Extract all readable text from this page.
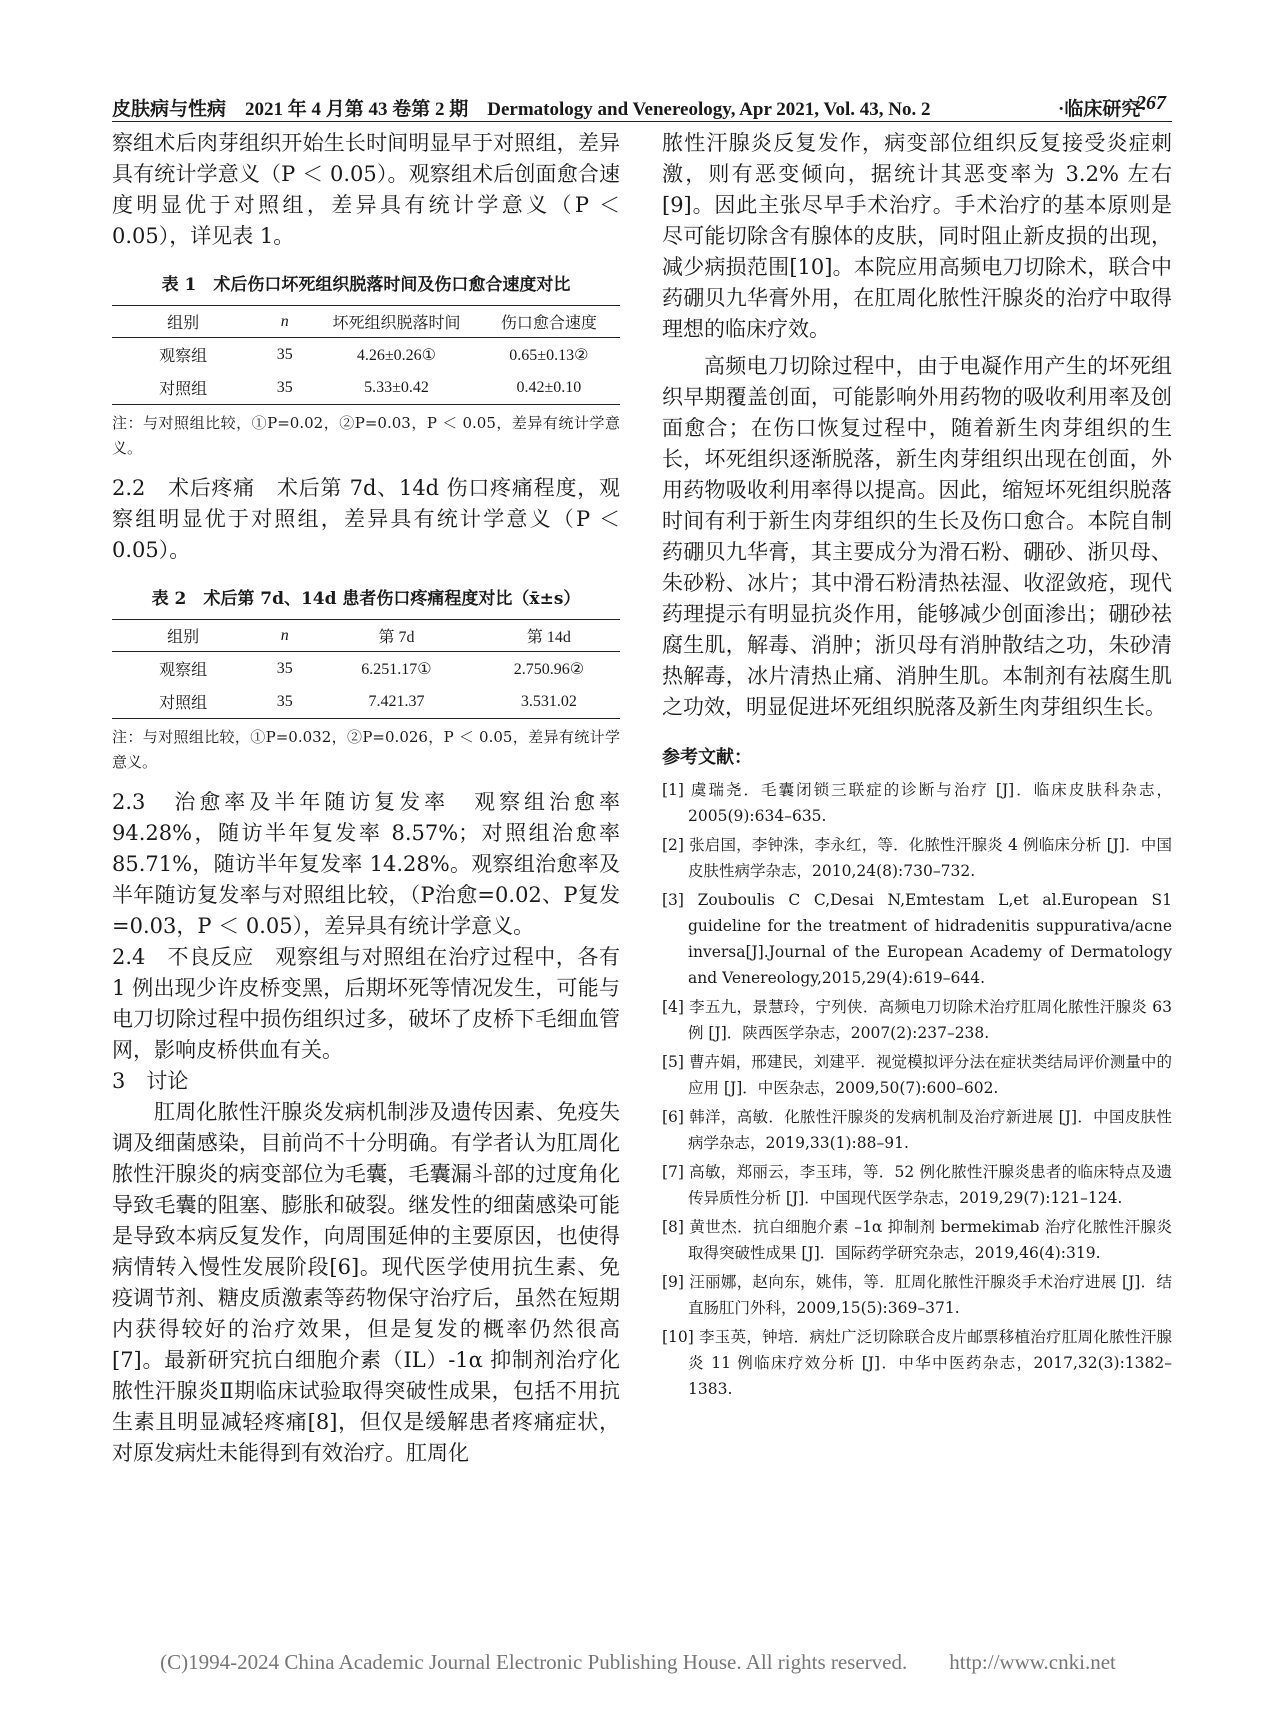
皮肤病与性病　2021 年 4 月第 43 卷第 2 期　Dermatology and Venereology, Apr 2021, Vol. 43, No. 2	·临床研究·
267

察组术后肉芽组织开始生长时间明显早于对照组，差异具有统计学意义（P ＜ 0.05）。观察组术后创面愈合速度明显优于对照组，差异具有统计学意义（P ＜ 0.05），详见表 1。

表 1　术后伤口坏死组织脱落时间及伤口愈合速度对比

组别	n	坏死组织脱落时间	伤口愈合速度
观察组	35	4.26±0.26①	0.65±0.13②
对照组	35	5.33±0.42	0.42±0.10

注：与对照组比较，①P=0.02，②P=0.03，P ＜ 0.05，差异有统计学意义。

2.2　术后疼痛　术后第 7d、14d 伤口疼痛程度，观察组明显优于对照组，差异具有统计学意义（P ＜ 0.05）。

表 2　术后第 7d、14d 患者伤口疼痛程度对比（x̄±s）

组别	n	第 7d	第 14d
观察组	35	6.251.17①	2.750.96②
对照组	35	7.421.37	3.531.02

注：与对照组比较，①P=0.032，②P=0.026，P ＜ 0.05，差异有统计学意义。

2.3　治愈率及半年随访复发率　观察组治愈率 94.28%，随访半年复发率 8.57%；对照组治愈率 85.71%，随访半年复发率 14.28%。观察组治愈率及半年随访复发率与对照组比较，（P治愈=0.02、P复发=0.03，P ＜ 0.05），差异具有统计学意义。

2.4　不良反应　观察组与对照组在治疗过程中，各有 1 例出现少许皮桥变黑，后期坏死等情况发生，可能与电刀切除过程中损伤组织过多，破坏了皮桥下毛细血管网，影响皮桥供血有关。

3　讨论

肛周化脓性汗腺炎发病机制涉及遗传因素、免疫失调及细菌感染，目前尚不十分明确。有学者认为肛周化脓性汗腺炎的病变部位为毛囊，毛囊漏斗部的过度角化导致毛囊的阻塞、膨胀和破裂。继发性的细菌感染可能是导致本病反复发作，向周围延伸的主要原因，也使得病情转入慢性发展阶段[6]。现代医学使用抗生素、免疫调节剂、糖皮质激素等药物保守治疗后，虽然在短期内获得较好的治疗效果，但是复发的概率仍然很高[7]。最新研究抗白细胞介素（IL）-1α 抑制剂治疗化脓性汗腺炎Ⅱ期临床试验取得突破性成果，包括不用抗生素且明显减轻疼痛[8]，但仅是缓解患者疼痛症状，对原发病灶未能得到有效治疗。肛周化

脓性汗腺炎反复发作，病变部位组织反复接受炎症刺激，则有恶变倾向，据统计其恶变率为 3.2% 左右[9]。因此主张尽早手术治疗。手术治疗的基本原则是尽可能切除含有腺体的皮肤，同时阻止新皮损的出现，减少病损范围[10]。本院应用高频电刀切除术，联合中药硼贝九华膏外用，在肛周化脓性汗腺炎的治疗中取得理想的临床疗效。

高频电刀切除过程中，由于电凝作用产生的坏死组织早期覆盖创面，可能影响外用药物的吸收利用率及创面愈合；在伤口恢复过程中，随着新生肉芽组织的生长，坏死组织逐渐脱落，新生肉芽组织出现在创面，外用药物吸收利用率得以提高。因此，缩短坏死组织脱落时间有利于新生肉芽组织的生长及伤口愈合。本院自制药硼贝九华膏，其主要成分为滑石粉、硼砂、浙贝母、朱砂粉、冰片；其中滑石粉清热祛湿、收涩敛疮，现代药理提示有明显抗炎作用，能够减少创面渗出；硼砂祛腐生肌，解毒、消肿；浙贝母有消肿散结之功，朱砂清热解毒，冰片清热止痛、消肿生肌。本制剂有祛腐生肌之功效，明显促进坏死组织脱落及新生肉芽组织生长。

参考文献：

[1] 虞瑞尧．毛囊闭锁三联症的诊断与治疗 [J]．临床皮肤科杂志，2005(9):634–635.

[2] 张启国，李钟洙，李永红，等．化脓性汗腺炎 4 例临床分析 [J]．中国皮肤性病学杂志，2010,24(8):730–732.

[3] Zouboulis C C,Desai N,Emtestam L,et al.European S1 guideline for the treatment of hidradenitis suppurativa/acne inversa[J].Journal of the European Academy of Dermatology and Venereology,2015,29(4):619–644.

[4] 李五九，景慧玲，宁列侠．高频电刀切除术治疗肛周化脓性汗腺炎 63 例 [J]．陕西医学杂志，2007(2):237–238.

[5] 曹卉娟，邢建民，刘建平．视觉模拟评分法在症状类结局评价测量中的应用 [J]．中医杂志，2009,50(7):600–602.

[6] 韩洋，高敏．化脓性汗腺炎的发病机制及治疗新进展 [J]．中国皮肤性病学杂志，2019,33(1):88–91.

[7] 高敏，郑丽云，李玉玮，等．52 例化脓性汗腺炎患者的临床特点及遗传异质性分析 [J]．中国现代医学杂志，2019,29(7):121–124.

[8] 黄世杰．抗白细胞介素 –1α 抑制剂 bermekimab 治疗化脓性汗腺炎取得突破性成果 [J]．国际药学研究杂志，2019,46(4):319.

[9] 汪丽娜，赵向东，姚伟，等．肛周化脓性汗腺炎手术治疗进展 [J]．结直肠肛门外科，2009,15(5):369–371.

[10] 李玉英，钟培．病灶广泛切除联合皮片邮票移植治疗肛周化脓性汗腺炎 11 例临床疗效分析 [J]．中华中医药杂志，2017,32(3):1382–1383.

(C)1994-2024 China Academic Journal Electronic Publishing House. All rights reserved.　　http://www.cnki.net
